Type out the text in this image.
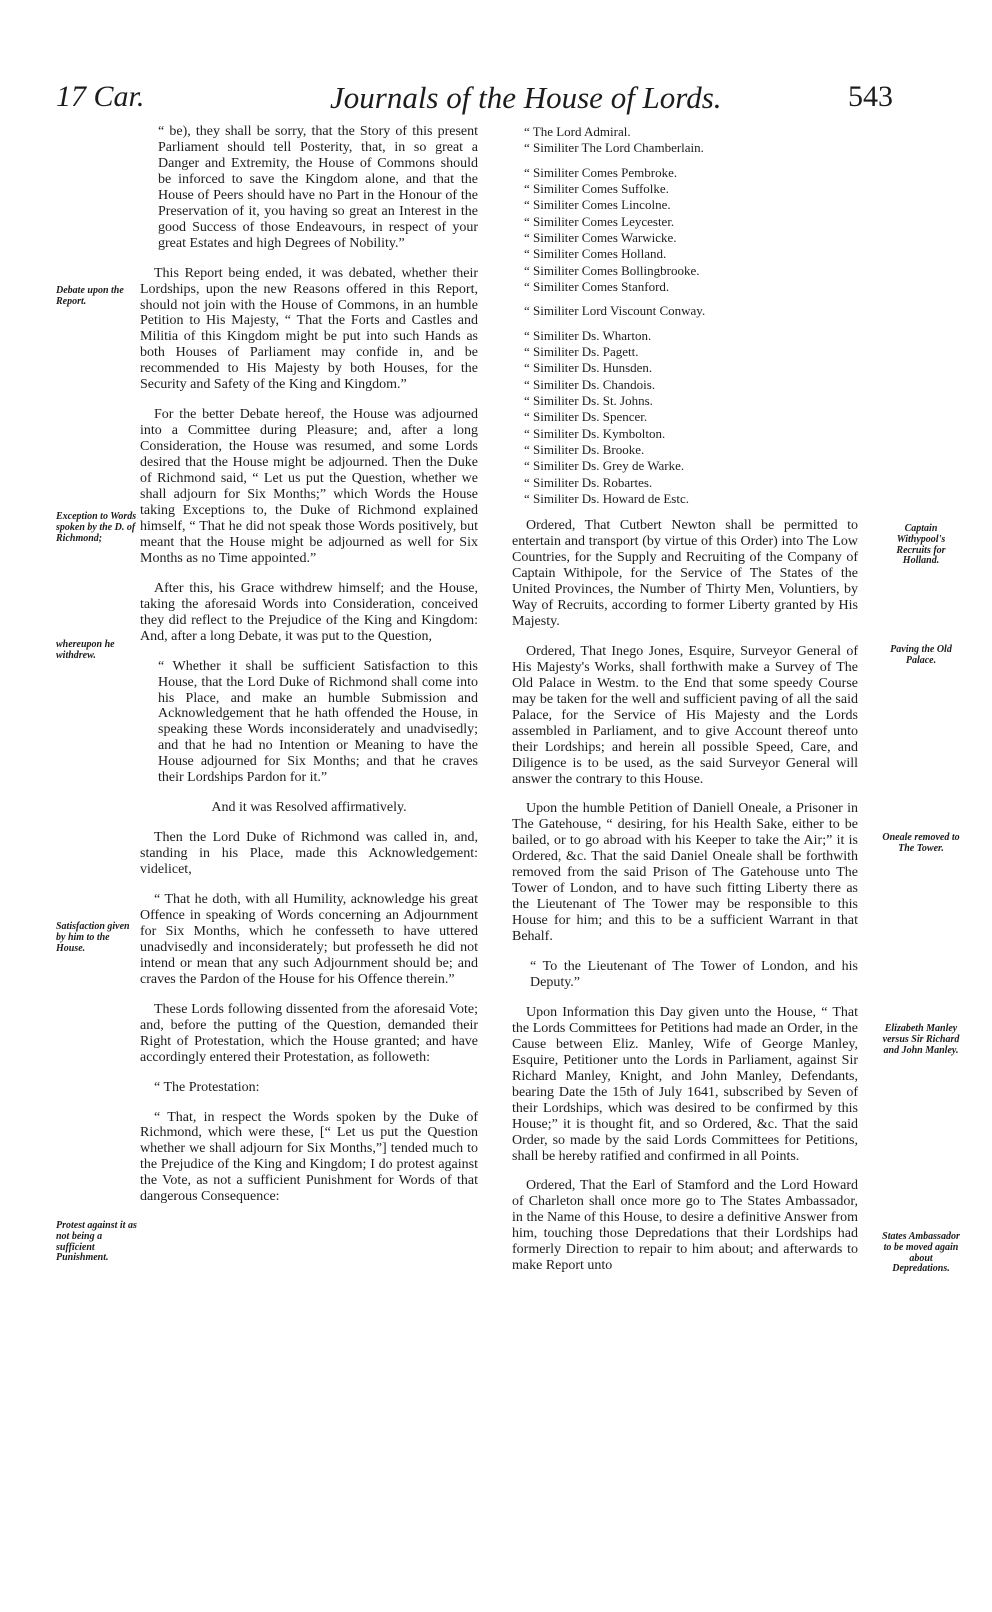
17 Car.	Journals of the House of Lords.	543

“ be), they shall be sorry, that the Story of this present Parliament should tell Posterity, that, in so great a Danger and Extremity, the House of Commons should be inforced to save the Kingdom alone, and that the House of Peers should have no Part in the Honour of the Preservation of it, you having so great an Interest in the good Success of those Endeavours, in respect of your great Estates and high Degrees of Nobility.”

This Report being ended, it was debated, whether their Lordships, upon the new Reasons offered in this Report, should not join with the House of Commons, in an humble Petition to His Majesty, “ That the Forts and Castles and Militia of this Kingdom might be put into such Hands as both Houses of Parliament may confide in, and be recommended to His Majesty by both Houses, for the Security and Safety of the King and Kingdom.”

For the better Debate hereof, the House was adjourned into a Committee during Pleasure; and, after a long Consideration, the House was resumed, and some Lords desired that the House might be adjourned. Then the Duke of Richmond said, “ Let us put the Question, whether we shall adjourn for Six Months;” which Words the House taking Exceptions to, the Duke of Richmond explained himself, “ That he did not speak those Words positively, but meant that the House might be adjourned as well for Six Months as no Time appointed.”

After this, his Grace withdrew himself; and the House, taking the aforesaid Words into Consideration, conceived they did reflect to the Prejudice of the King and Kingdom: And, after a long Debate, it was put to the Question,

“ Whether it shall be sufficient Satisfaction to this House, that the Lord Duke of Richmond shall come into his Place, and make an humble Submission and Acknowledgement that he hath offended the House, in speaking these Words inconsiderately and unadvisedly; and that he had no Intention or Meaning to have the House adjourned for Six Months; and that he craves their Lordships Pardon for it.”

And it was Resolved affirmatively.

Then the Lord Duke of Richmond was called in, and, standing in his Place, made this Acknowledgement: videlicet,

“ That he doth, with all Humility, acknowledge his great Offence in speaking of Words concerning an Adjournment for Six Months, which he confesseth to have uttered unadvisedly and inconsiderately; but professeth he did not intend or mean that any such Adjournment should be; and craves the Pardon of the House for his Offence therein.”

These Lords following dissented from the aforesaid Vote; and, before the putting of the Question, demanded their Right of Protestation, which the House granted; and have accordingly entered their Protestation, as followeth:

“ The Protestation:

“ That, in respect the Words spoken by the Duke of Richmond, which were these, [“ Let us put the Question whether we shall adjourn for Six Months,”] tended much to the Prejudice of the King and Kingdom; I do protest against the Vote, as not a sufficient Punishment for Words of that dangerous Consequence:

Debate upon the Report.
Exception to Words spoken by the D. of Richmond;
whereupon he withdrew.
Satisfaction given by him to the House.
Protest against it as not being a sufficient Punishment.
“ The Lord Admiral.
“ Similiter The Lord Chamberlain.
“ Similiter Comes Pembroke.
“ Similiter Comes Suffolke.
“ Similiter Comes Lincolne.
“ Similiter Comes Leycester.
“ Similiter Comes Warwicke.
“ Similiter Comes Holland.
“ Similiter Comes Bollingbrooke.
“ Similiter Comes Stanford.
“ Similiter Lord Viscount Conway.
“ Similiter Ds. Wharton.
“ Similiter Ds. Pagett.
“ Similiter Ds. Hunsden.
“ Similiter Ds. Chandois.
“ Similiter Ds. St. Johns.
“ Similiter Ds. Spencer.
“ Similiter Ds. Kymbolton.
“ Similiter Ds. Brooke.
“ Similiter Ds. Grey de Warke.
“ Similiter Ds. Robartes.
“ Similiter Ds. Howard de Estc.

Ordered, That Cutbert Newton shall be permitted to entertain and transport (by virtue of this Order) into The Low Countries, for the Supply and Recruiting of the Company of Captain Withipole, for the Service of The States of the United Provinces, the Number of Thirty Men, Voluntiers, by Way of Recruits, according to former Liberty granted by His Majesty.

Ordered, That Inego Jones, Esquire, Surveyor General of His Majesty's Works, shall forthwith make a Survey of The Old Palace in Westm. to the End that some speedy Course may be taken for the well and sufficient paving of all the said Palace, for the Service of His Majesty and the Lords assembled in Parliament, and to give Account thereof unto their Lordships; and herein all possible Speed, Care, and Diligence is to be used, as the said Surveyor General will answer the contrary to this House.

Upon the humble Petition of Daniell Oneale, a Prisoner in The Gatehouse, “ desiring, for his Health Sake, either to be bailed, or to go abroad with his Keeper to take the Air;” it is Ordered, &c. That the said Daniel Oneale shall be forthwith removed from the said Prison of The Gatehouse unto The Tower of London, and to have such fitting Liberty there as the Lieutenant of The Tower may be responsible to this House for him; and this to be a sufficient Warrant in that Behalf.

“ To the Lieutenant of The Tower of London, and his Deputy.”

Upon Information this Day given unto the House, “ That the Lords Committees for Petitions had made an Order, in the Cause between Eliz. Manley, Wife of George Manley, Esquire, Petitioner unto the Lords in Parliament, against Sir Richard Manley, Knight, and John Manley, Defendants, bearing Date the 15th of July 1641, subscribed by Seven of their Lordships, which was desired to be confirmed by this House;” it is thought fit, and so Ordered, &c. That the said Order, so made by the said Lords Committees for Petitions, shall be hereby ratified and confirmed in all Points.

Ordered, That the Earl of Stamford and the Lord Howard of Charleton shall once more go to The States Ambassador, in the Name of this House, to desire a definitive Answer from him, touching those Depredations that their Lordships had formerly Direction to repair to him about; and afterwards to make Report unto

Captain Withypool's Recruits for Holland.
Paving the Old Palace.
Oneale removed to The Tower.
Elizabeth Manley versus Sir Richard and John Manley.
States Ambassador to be moved again about Depredations.
